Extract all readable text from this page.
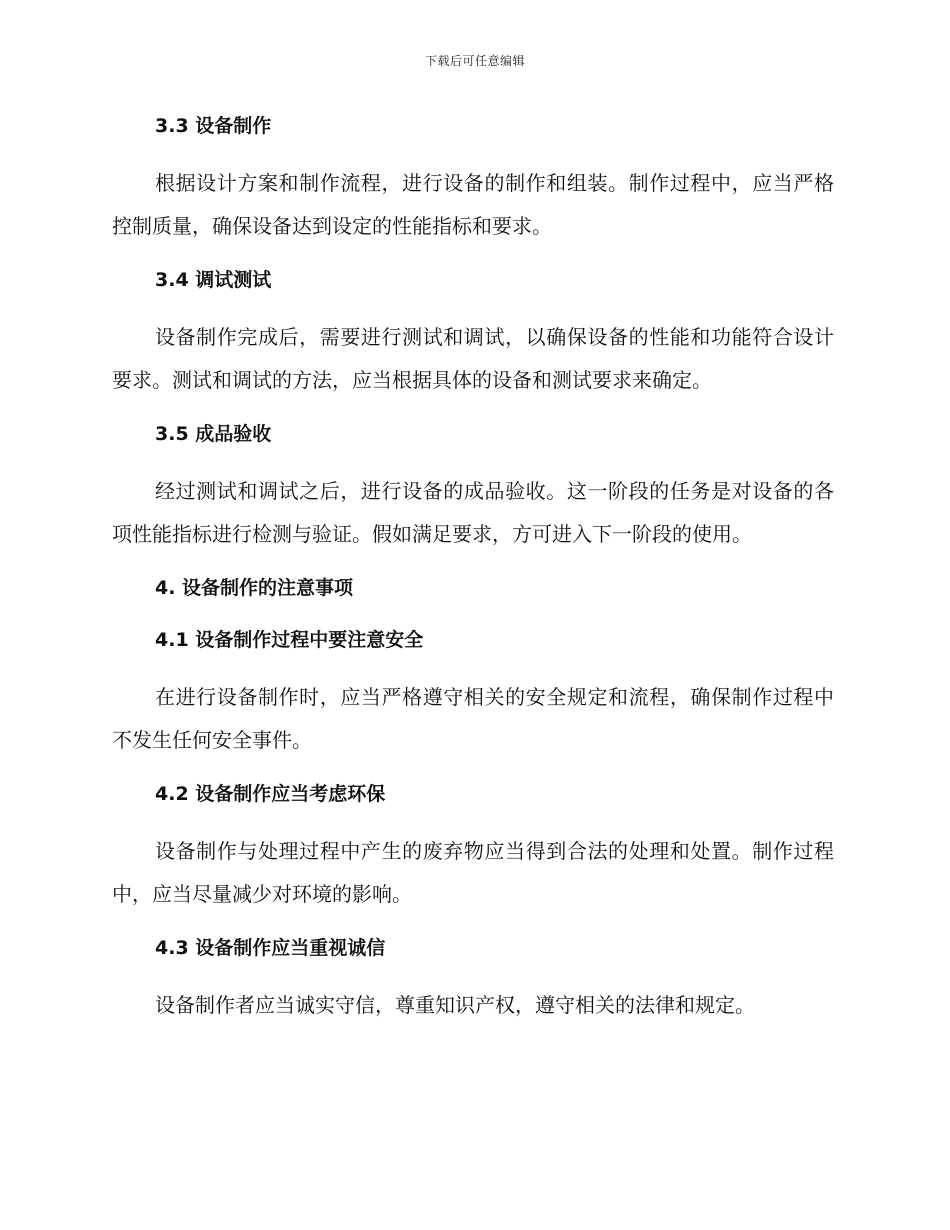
下载后可任意编辑
3.3 设备制作

根据设计方案和制作流程，进行设备的制作和组装。制作过程中，应当严格控制质量，确保设备达到设定的性能指标和要求。

3.4 调试测试

设备制作完成后，需要进行测试和调试，以确保设备的性能和功能符合设计要求。测试和调试的方法，应当根据具体的设备和测试要求来确定。

3.5 成品验收

经过测试和调试之后，进行设备的成品验收。这一阶段的任务是对设备的各项性能指标进行检测与验证。假如满足要求，方可进入下一阶段的使用。

4. 设备制作的注意事项
4.1 设备制作过程中要注意安全

在进行设备制作时，应当严格遵守相关的安全规定和流程，确保制作过程中不发生任何安全事件。

4.2 设备制作应当考虑环保

设备制作与处理过程中产生的废弃物应当得到合法的处理和处置。制作过程中，应当尽量减少对环境的影响。

4.3 设备制作应当重视诚信

设备制作者应当诚实守信，尊重知识产权，遵守相关的法律和规定。
